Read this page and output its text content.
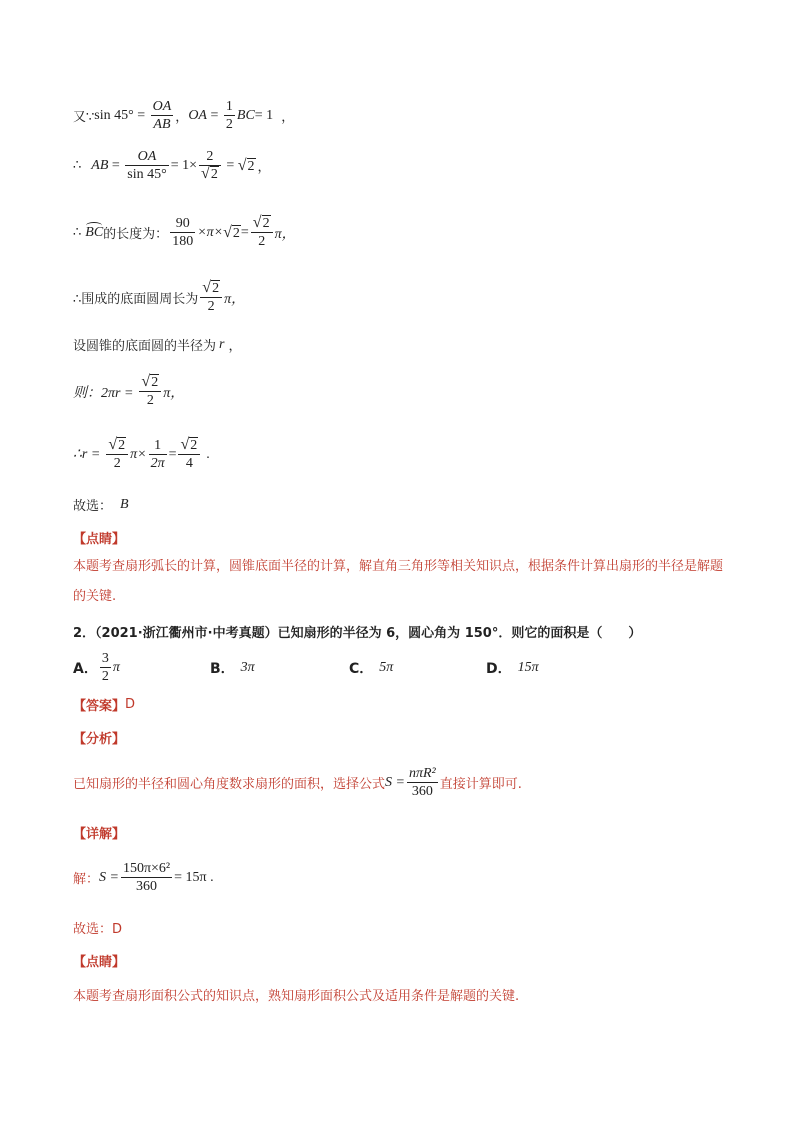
又∵ $\sin 45^\circ = \frac{OA}{AB}$ ， OA = $\frac{1}{2}$ BC = 1 ，
∴ AB = $\frac{OA}{\sin 45^\circ} = 1\times \frac{2}{√ 2}$ = √ 2 ，
∴ BC 的长度为： $\frac{90}{180} \times\pi\times$ √ $2 = \frac{√ 2}{2}$ π，
∴围成的底面圆周长为 $\frac{√ 2}{2}$ π，
设圆锥的底面圆的半径为 r ，
则：$2\pi r = \frac{√ 2}{2}$ π，
∴r = $\frac{√ 2}{2} \pi\times \frac{1}{2\pi} = \frac{√ 2}{4}$ .
故选： B
【点睛】
本题考查扇形弧长的计算，圆锥底面半径的计算，解直角三角形等相关知识点，根据条件计算出扇形的半径是解题的关键.
2．（2021·浙江衢州市·中考真题）已知扇形的半径为 6，圆心角为 150°．则它的面积是（　　）
A． $\frac{3}{2}$ π	B． 3π	C． 5π	D． 15π
【答案】 D
【分析】
已知扇形的半径和圆心角度数求扇形的面积，选择公式 $S = \frac{\text{nπR²}}{360}$ 直接计算即可.
【详解】
解： $S = \frac{\text{150π×6²}}{360} = 15\pi$ .
故选：D
【点睛】
本题考查扇形面积公式的知识点，熟知扇形面积公式及适用条件是解题的关键.
